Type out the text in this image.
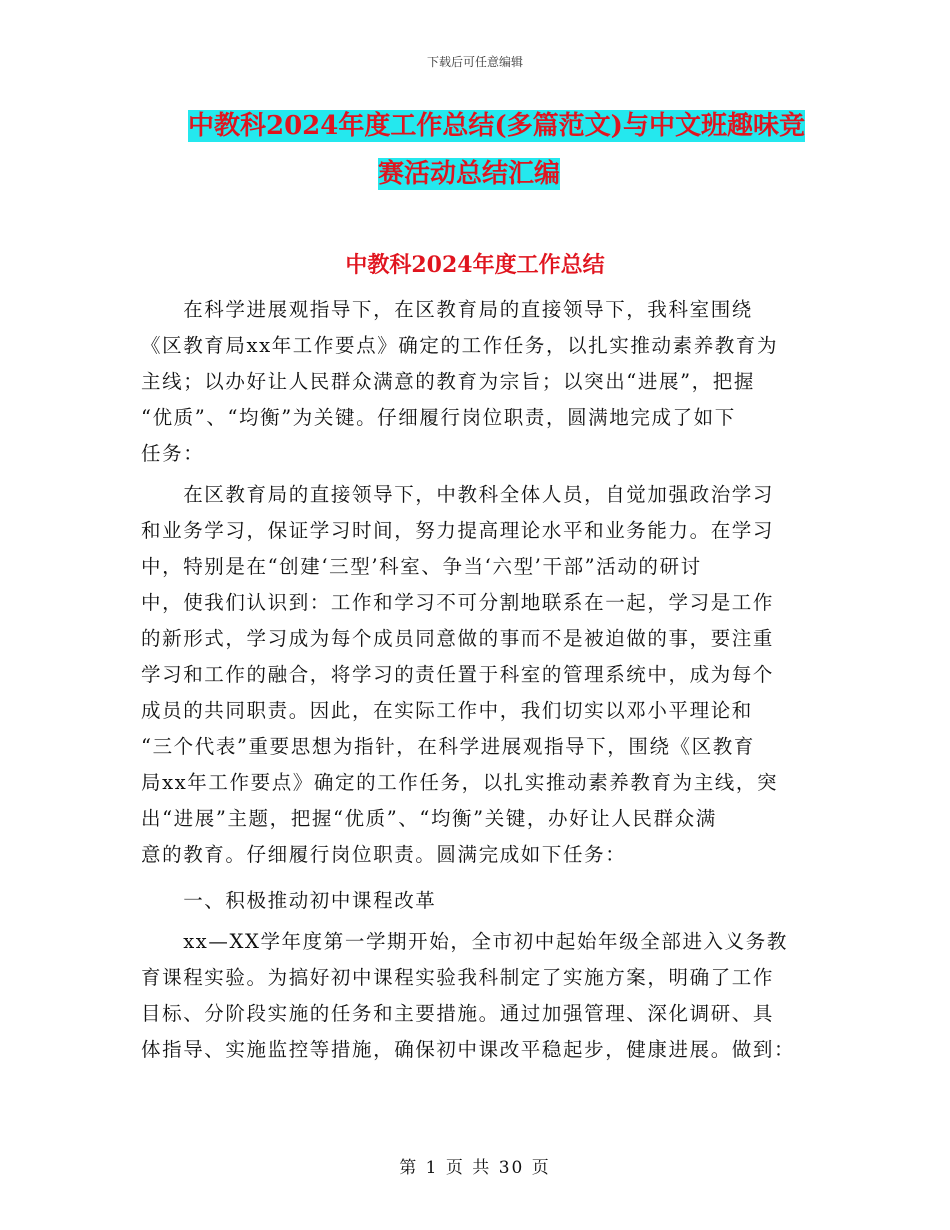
下载后可任意编辑
中教科2024年度工作总结(多篇范文)与中文班趣味竞
赛活动总结汇编
中教科2024年度工作总结
　　在科学进展观指导下，在区教育局的直接领导下，我科室围绕
《区教育局xx年工作要点》确定的工作任务，以扎实推动素养教育为
主线；以办好让人民群众满意的教育为宗旨；以突出“进展”，把握
“优质”、“均衡”为关键。仔细履行岗位职责，圆满地完成了如下
任务：
　　在区教育局的直接领导下，中教科全体人员，自觉加强政治学习
和业务学习，保证学习时间，努力提高理论水平和业务能力。在学习
中，特别是在“创建‘三型’科室、争当‘六型’干部”活动的研讨
中，使我们认识到：工作和学习不可分割地联系在一起，学习是工作
的新形式，学习成为每个成员同意做的事而不是被迫做的事，要注重
学习和工作的融合，将学习的责任置于科室的管理系统中，成为每个
成员的共同职责。因此，在实际工作中，我们切实以邓小平理论和
“三个代表”重要思想为指针，在科学进展观指导下，围绕《区教育
局xx年工作要点》确定的工作任务，以扎实推动素养教育为主线，突
出“进展”主题，把握“优质”、“均衡”关键，办好让人民群众满
意的教育。仔细履行岗位职责。圆满完成如下任务：
　　一、积极推动初中课程改革
　　xx—XX学年度第一学期开始，全市初中起始年级全部进入义务教
育课程实验。为搞好初中课程实验我科制定了实施方案，明确了工作
目标、分阶段实施的任务和主要措施。通过加强管理、深化调研、具
体指导、实施监控等措施，确保初中课改平稳起步，健康进展。做到：
第 1 页 共 30 页
